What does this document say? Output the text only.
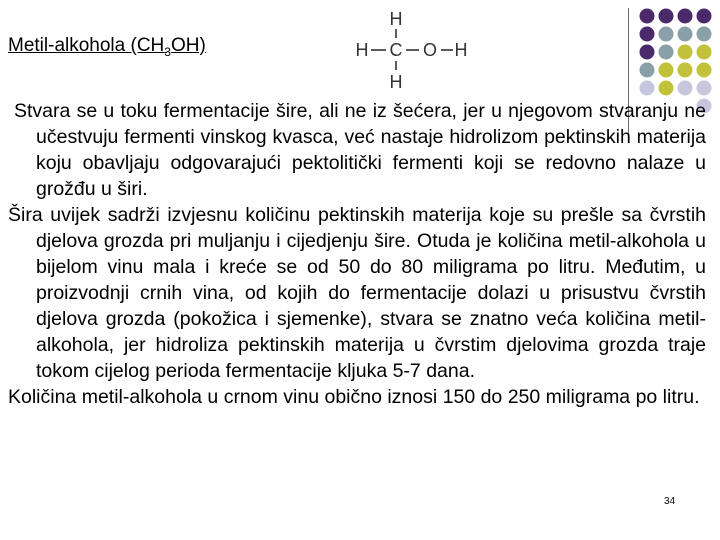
Metil-alkohola $(CH_3OH)$
H
H C O H
H

Stvara se u toku fermentacije šire, ali ne iz šećera, jer u njegovom stvaranju ne učestvuju fermenti vinskog kvasca, već nastaje hidrolizom pektinskih materija koju obavljaju odgovarajući pektolitički fermenti koji se redovno nalaze u grožđu u širi.

Šira uvijek sadrži izvjesnu količinu pektinskih materija koje su prešle sa čvrstih djelova grozda pri muljanju i cijedjenju šire. Otuda je količina metil-alkohola u bijelom vinu mala i kreće se od 50 do 80 miligrama po litru. Međutim, u proizvodnji crnih vina, od kojih do fermentacije dolazi u prisustvu čvrstih djelova grozda (pokožica i sjemenke), stvara se znatno veća količina metil-alkohola, jer hidroliza pektinskih materija u čvrstim djelovima grozda traje tokom cijelog perioda fermentacije kljuka 5-7 dana.

Količina metil-alkohola u crnom vinu obično iznosi 150 do 250 miligrama po litru.

34
